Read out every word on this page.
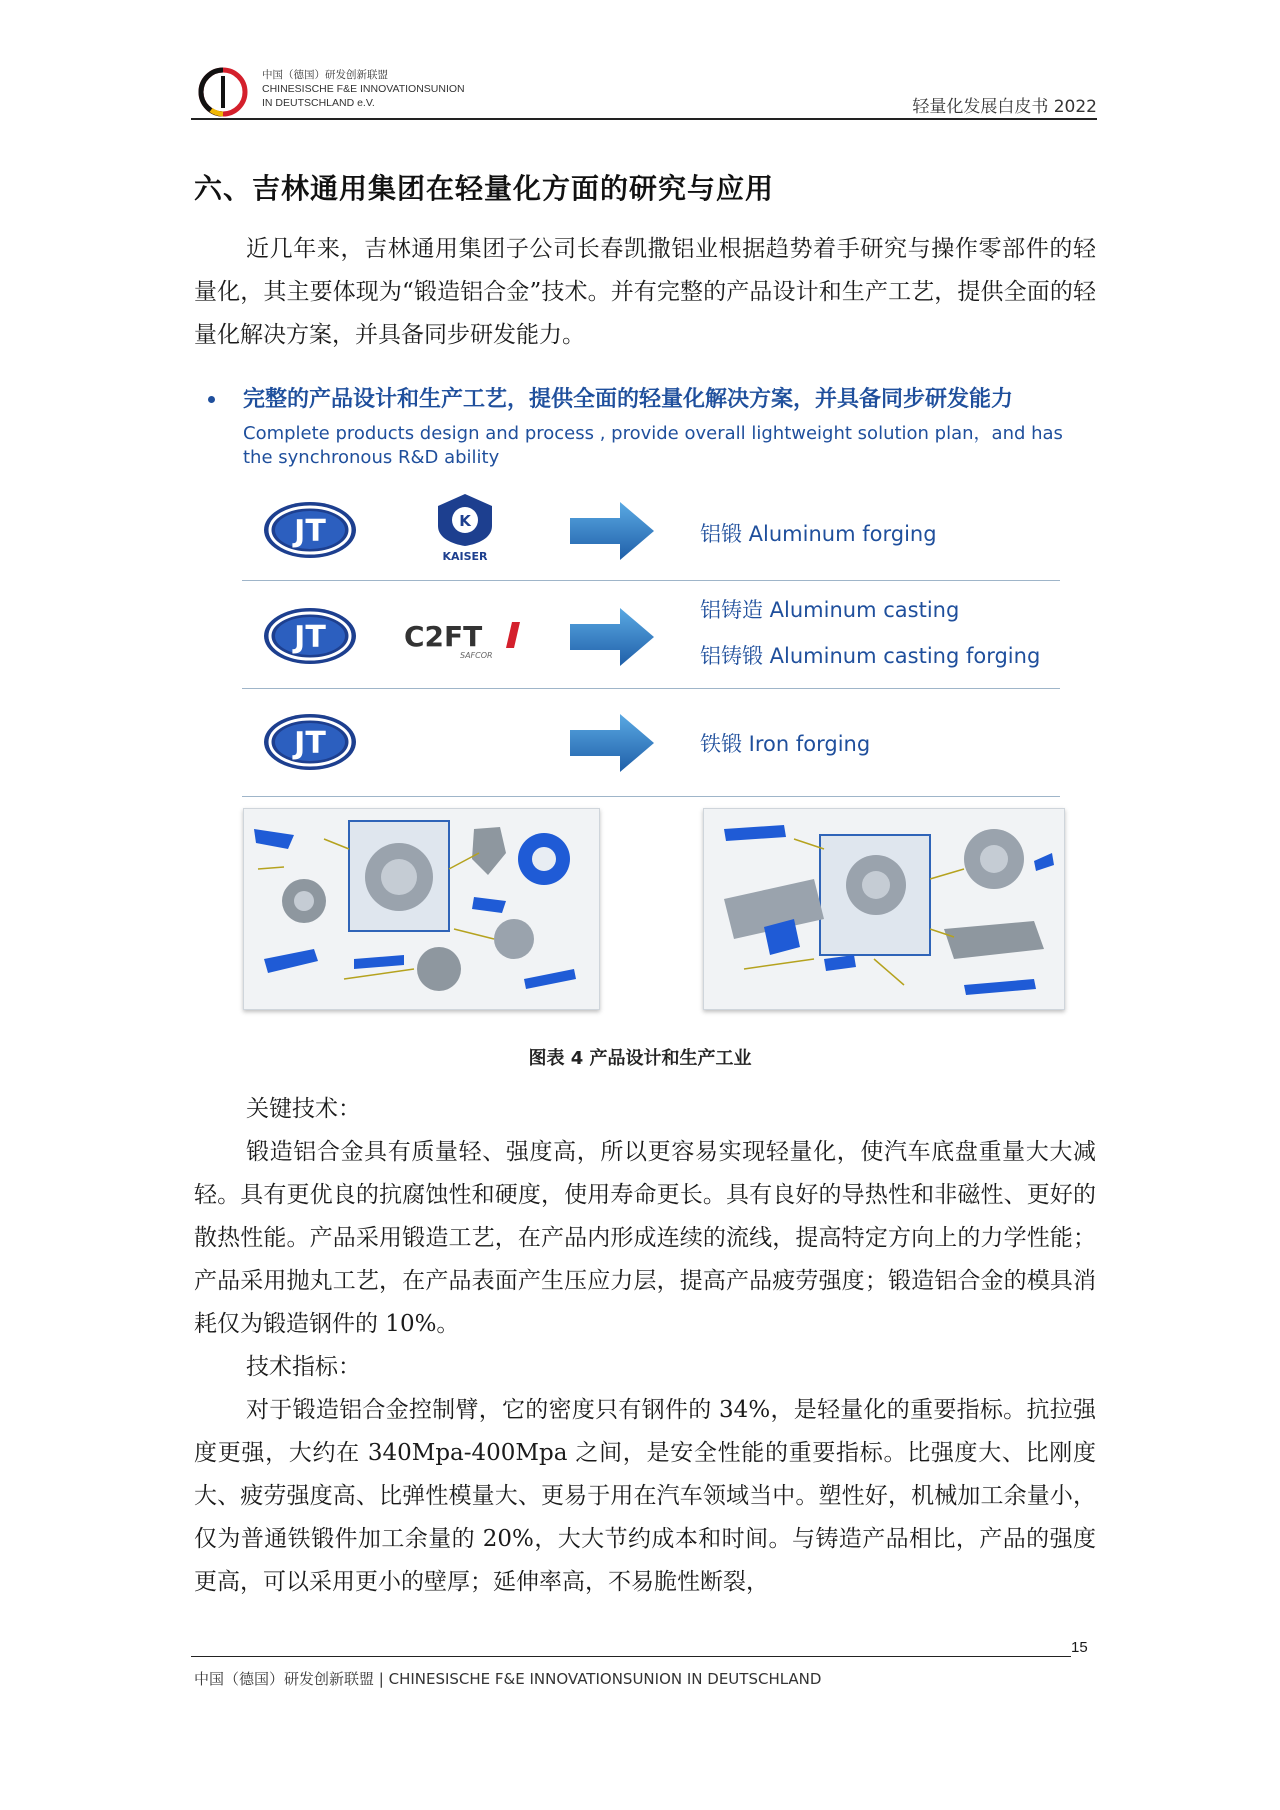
中国（德国）研发创新联盟
CHINESISCHE F&E INNOVATIONSUNION
IN DEUTSCHLAND e.V.	轻量化发展白皮书 2022
六、吉林通用集团在轻量化方面的研究与应用

近几年来，吉林通用集团子公司长春凯撒铝业根据趋势着手研究与操作零部件的轻量化，其主要体现为“锻造铝合金”技术。并有完整的产品设计和生产工艺，提供全面的轻量化解决方案，并具备同步研发能力。

完整的产品设计和生产工艺，提供全面的轻量化解决方案，并具备同步研发能力
Complete products design and process , provide overall lightweight solution plan，and has the synchronous R&D ability
JT	K
KAISER
铝锻 Aluminum forging
JT	C2FT
SAFCOR
铝铸造 Aluminum casting
铝铸锻 Aluminum casting forging
JT	铁锻 Iron forging
图表 4 产品设计和生产工业

关键技术：

锻造铝合金具有质量轻、强度高，所以更容易实现轻量化，使汽车底盘重量大大减轻。具有更优良的抗腐蚀性和硬度，使用寿命更长。具有良好的导热性和非磁性、更好的散热性能。产品采用锻造工艺，在产品内形成连续的流线，提高特定方向上的力学性能；产品采用抛丸工艺，在产品表面产生压应力层，提高产品疲劳强度；锻造铝合金的模具消耗仅为锻造钢件的 10%。

技术指标：

对于锻造铝合金控制臂，它的密度只有钢件的 34%，是轻量化的重要指标。抗拉强度更强，大约在 340Mpa-400Mpa 之间，是安全性能的重要指标。比强度大、比刚度大、疲劳强度高、比弹性模量大、更易于用在汽车领域当中。塑性好，机械加工余量小，仅为普通铁锻件加工余量的 20%，大大节约成本和时间。与铸造产品相比，产品的强度更高，可以采用更小的壁厚；延伸率高，不易脆性断裂，

15
中国（德国）研发创新联盟 | CHINESISCHE F&E INNOVATIONSUNION IN DEUTSCHLAND
